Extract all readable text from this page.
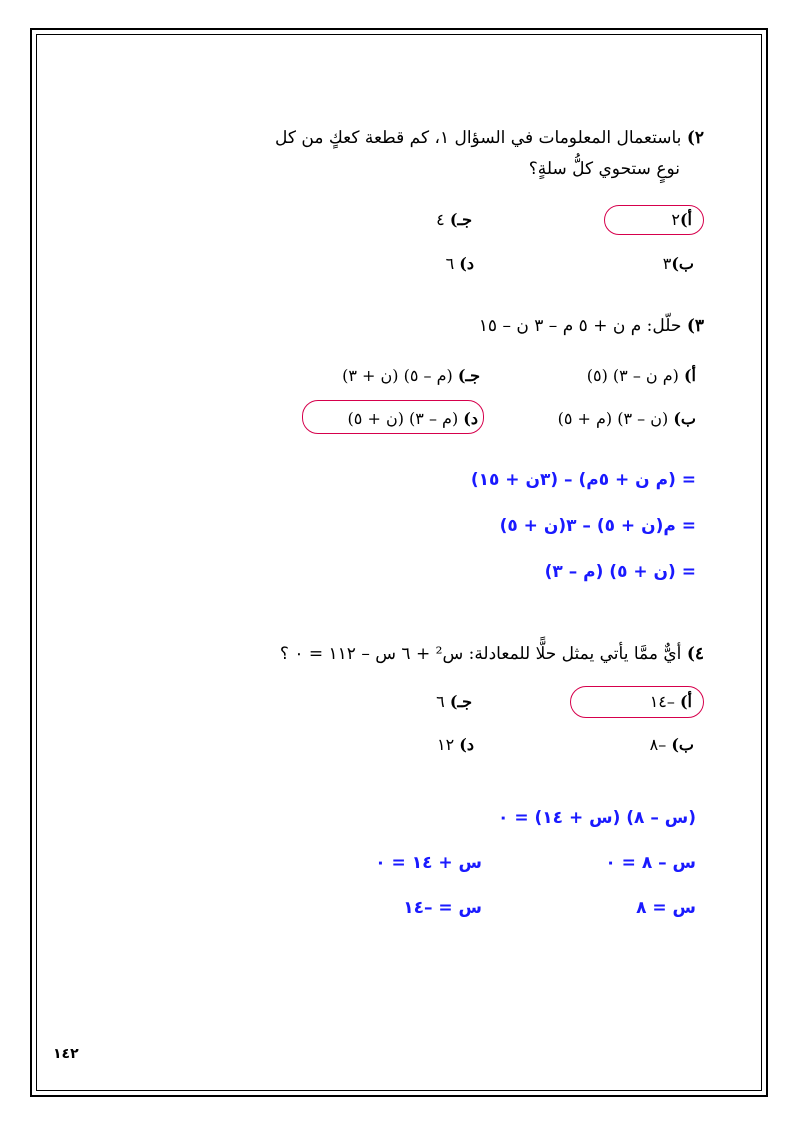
٢) باستعمال المعلومات في السؤال ١، كم قطعة كعكٍ من كل
نوعٍ ستحوي كلُّ سلةٍ؟
أ)٢
جـ) ٤
ب)٣
د) ٦
٣) حلّل: م ن + ٥ م – ٣ ن – ١٥
أ) (م ن – ٣) (٥)
جـ) (م – ٥) (ن + ٣)
ب) (ن – ٣) (م + ٥)
د) (م – ٣) (ن + ٥)
= (م ن + ٥م) – (٣ن + ١٥)
= م(ن + ٥) – ٣(ن + ٥)
= (ن + ٥) (م – ٣)
٤) أيٌّ ممَّا يأتي يمثل حلًّا للمعادلة: س² + ٦ س – ١١٢ = ٠ ؟
أ) –١٤
جـ) ٦
ب) –٨
د) ١٢
(س – ٨) (س + ١٤) = ٠
س – ٨ = ٠
س + ١٤ = ٠
س = ٨
س = –١٤
١٤٢
